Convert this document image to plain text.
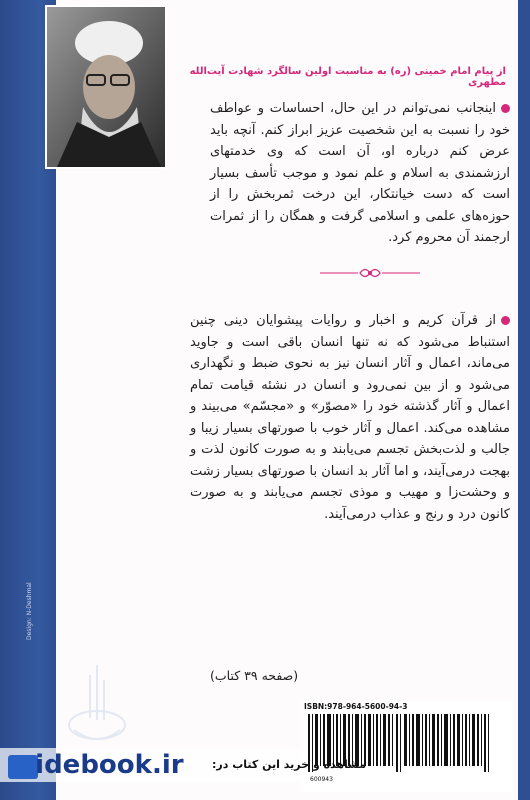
Design: N-Deshmal
از پیام امام خمینی (ره) به مناسبت اولین سالگرد شهادت آیت‌الله مطهری
اینجانب نمی‌توانم در این حال، احساسات و عواطف خود را نسبت به این شخصیت عزیز ابراز کنم. آنچه باید عرض کنم درباره او، آن است که وی خدمتهای ارزشمندی به اسلام و علم نمود و موجب تأسف بسیار است که دست خیانتکار، این درخت ثمربخش را از حوزه‌های علمی و اسلامی گرفت و همگان را از ثمرات ارجمند آن محروم کرد.
از قرآن کریم و اخبار و روایات پیشوایان دینی چنین استنباط می‌شود که نه تنها انسان باقی است و جاوید می‌ماند، اعمال و آثار انسان نیز به نحوی ضبط و نگهداری می‌شود و از بین نمی‌رود و انسان در نشئه قیامت تمام اعمال و آثار گذشته خود را «مصوّر» و «مجسّم» می‌بیند و مشاهده می‌کند. اعمال و آثار خوب با صورتهای بسیار زیبا و جالب و لذت‌بخش تجسم می‌یابند و به صورت کانون لذت و بهجت درمی‌آیند، و اما آثار بد انسان با صورتهای بسیار زشت و وحشت‌زا و مهیب و موذی تجسم می‌یابند و به صورت کانون درد و رنج و عذاب درمی‌آیند.
(صفحه ۳۹ کتاب)
ISBN:978-964-5600-94-3
600943
idebook.ir	مشاهده و خرید این کتاب در:
